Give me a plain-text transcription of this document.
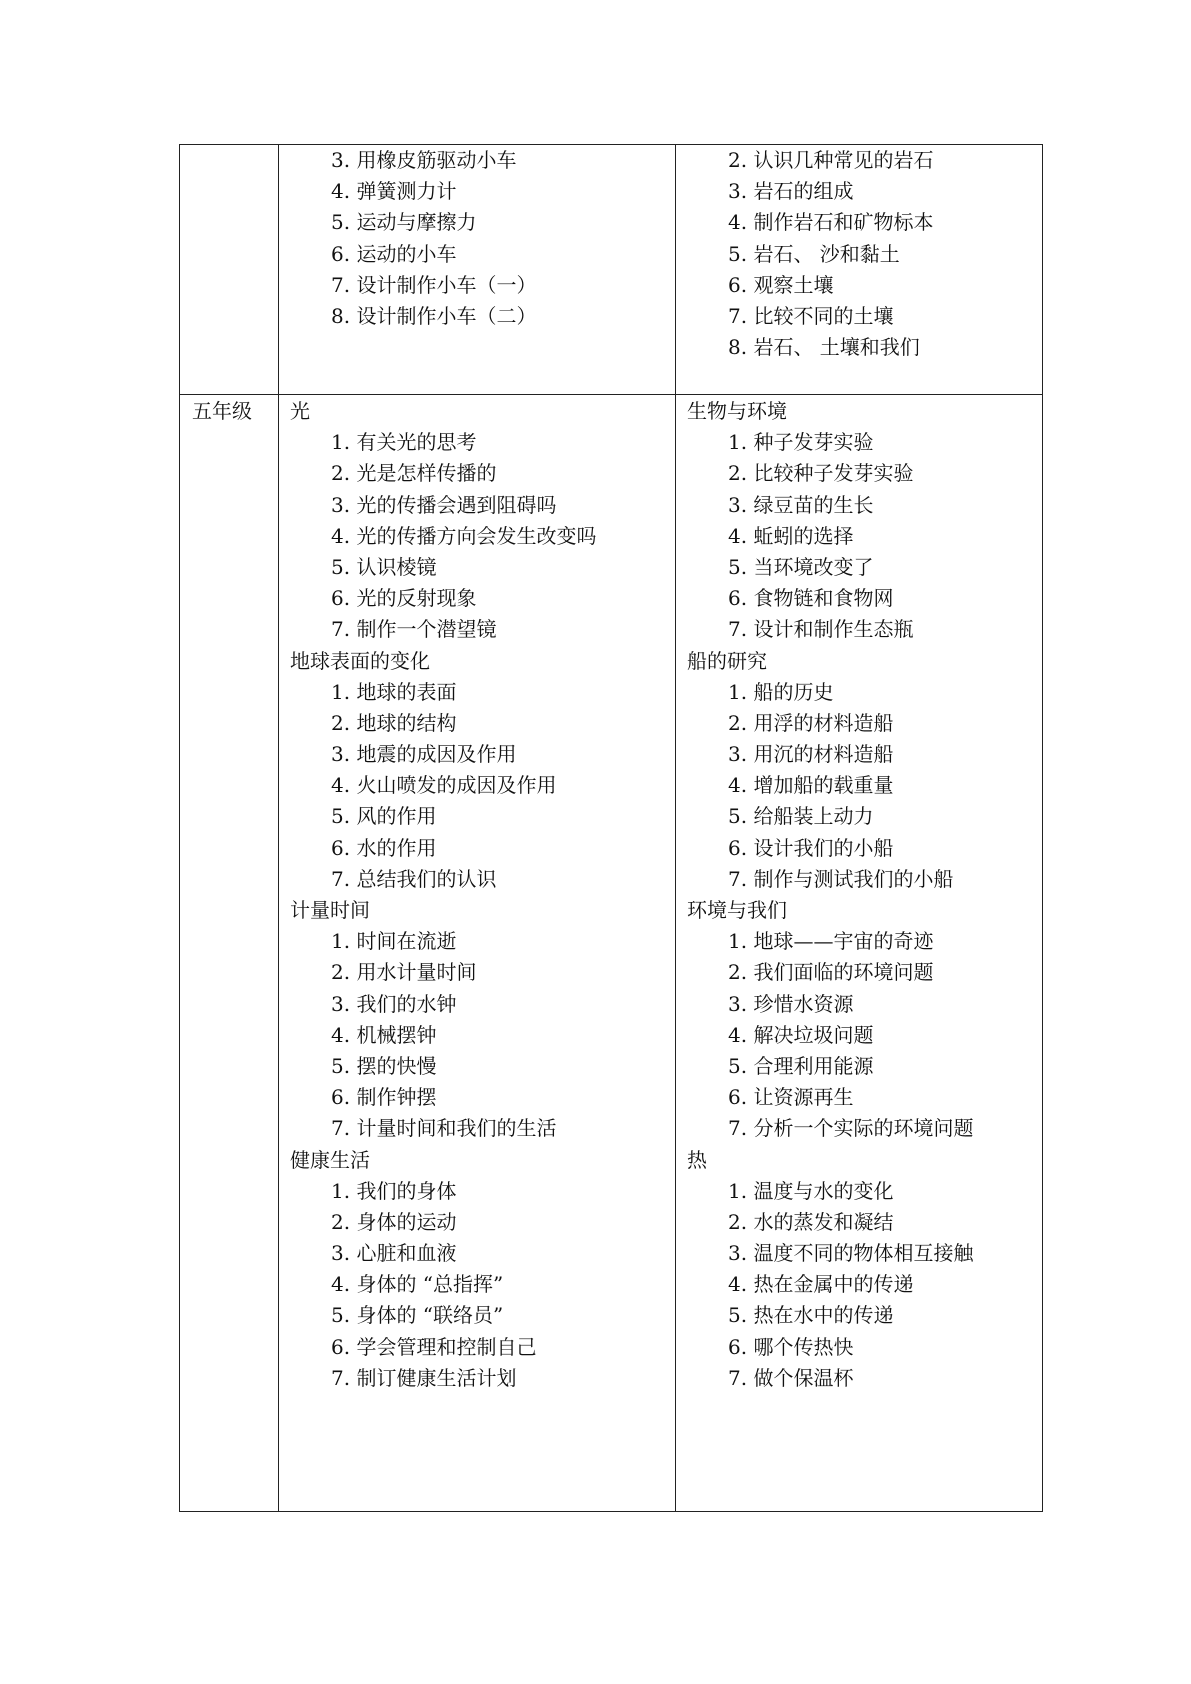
3. 用橡皮筋驱动小车
4. 弹簧测力计
5. 运动与摩擦力
6. 运动的小车
7. 设计制作小车（一）
8. 设计制作小车（二）
2. 认识几种常见的岩石
3. 岩石的组成
4. 制作岩石和矿物标本
5. 岩石、 沙和黏土
6. 观察土壤
7. 比较不同的土壤
8. 岩石、 土壤和我们
五年级	光
1. 有关光的思考
2. 光是怎样传播的
3. 光的传播会遇到阻碍吗
4. 光的传播方向会发生改变吗
5. 认识棱镜
6. 光的反射现象
7. 制作一个潜望镜
地球表面的变化
1. 地球的表面
2. 地球的结构
3. 地震的成因及作用
4. 火山喷发的成因及作用
5. 风的作用
6. 水的作用
7. 总结我们的认识
计量时间
1. 时间在流逝
2. 用水计量时间
3. 我们的水钟
4. 机械摆钟
5. 摆的快慢
6. 制作钟摆
7. 计量时间和我们的生活
健康生活
1. 我们的身体
2. 身体的运动
3. 心脏和血液
4. 身体的 “总指挥”
5. 身体的 “联络员”
6. 学会管理和控制自己
7. 制订健康生活计划
生物与环境
1. 种子发芽实验
2. 比较种子发芽实验
3. 绿豆苗的生长
4. 蚯蚓的选择
5. 当环境改变了
6. 食物链和食物网
7. 设计和制作生态瓶
船的研究
1. 船的历史
2. 用浮的材料造船
3. 用沉的材料造船
4. 增加船的载重量
5. 给船装上动力
6. 设计我们的小船
7. 制作与测试我们的小船
环境与我们
1. 地球——宇宙的奇迹
2. 我们面临的环境问题
3. 珍惜水资源
4. 解决垃圾问题
5. 合理利用能源
6. 让资源再生
7. 分析一个实际的环境问题
热
1. 温度与水的变化
2. 水的蒸发和凝结
3. 温度不同的物体相互接触
4. 热在金属中的传递
5. 热在水中的传递
6. 哪个传热快
7. 做个保温杯
